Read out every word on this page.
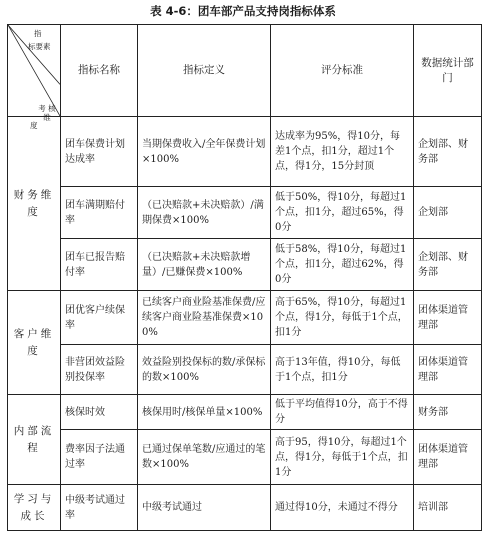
表 4-6：团车部产品支持岗指标体系
指
标要素
考 核 维
度	指标名称	指标定义	评分标准	数据统计部门
财务维度	团车保费计划达成率	当期保费收入/全年保费计划×100%	达成率为95%，得10分，每差1个点，扣1分，超过1个点，得1分，15分封顶	企划部、财务部
	团车满期赔付率	（已决赔款+未决赔款）/满期保费×100%	低于50%，得10分，每超过1个点，扣1分，超过65%，得0分	企划部
	团车已报告赔付率	（已决赔款+未决赔款增量）/已赚保费×100%	低于58%，得10分，每超过1个点，扣1分，超过62%，得0分	企划部、财务部
客户维度	团优客户续保率	已续客户商业险基准保费/应续客户商业险基准保费×100%	高于65%，得10分，每超过1个点，得1分，每低于1个点，扣1分	团体渠道管理部
	非营团效益险别投保率	效益险别投保标的数/承保标的数×100%	高于13年值，得10分，每低于1个点，扣1分	团体渠道管理部
内部流程	核保时效	核保用时/核保单量×100%	低于平均值得10分，高于不得分	财务部
	费率因子法通过率	已通过保单笔数/应通过的笔数×100%	高于95，得10分，每超过1个点，得1分，每低于1个点，扣1分	团体渠道管理部
学习与成长	中级考试通过率	中级考试通过	通过得10分，未通过不得分	培训部
